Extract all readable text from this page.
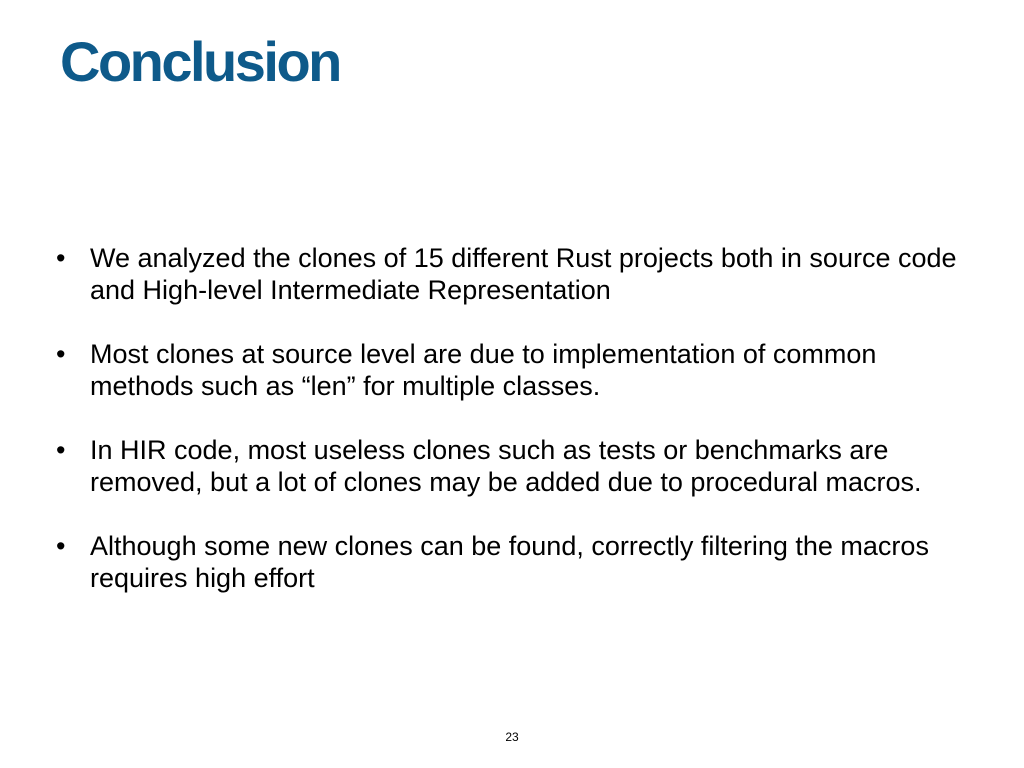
Conclusion
• We analyzed the clones of 15 different Rust projects both in source code and High-level Intermediate Representation
• Most clones at source level are due to implementation of common methods such as “len” for multiple classes.
• In HIR code, most useless clones such as tests or benchmarks are removed, but a lot of clones may be added due to procedural macros.
• Although some new clones can be found, correctly filtering the macros requires high effort
23
